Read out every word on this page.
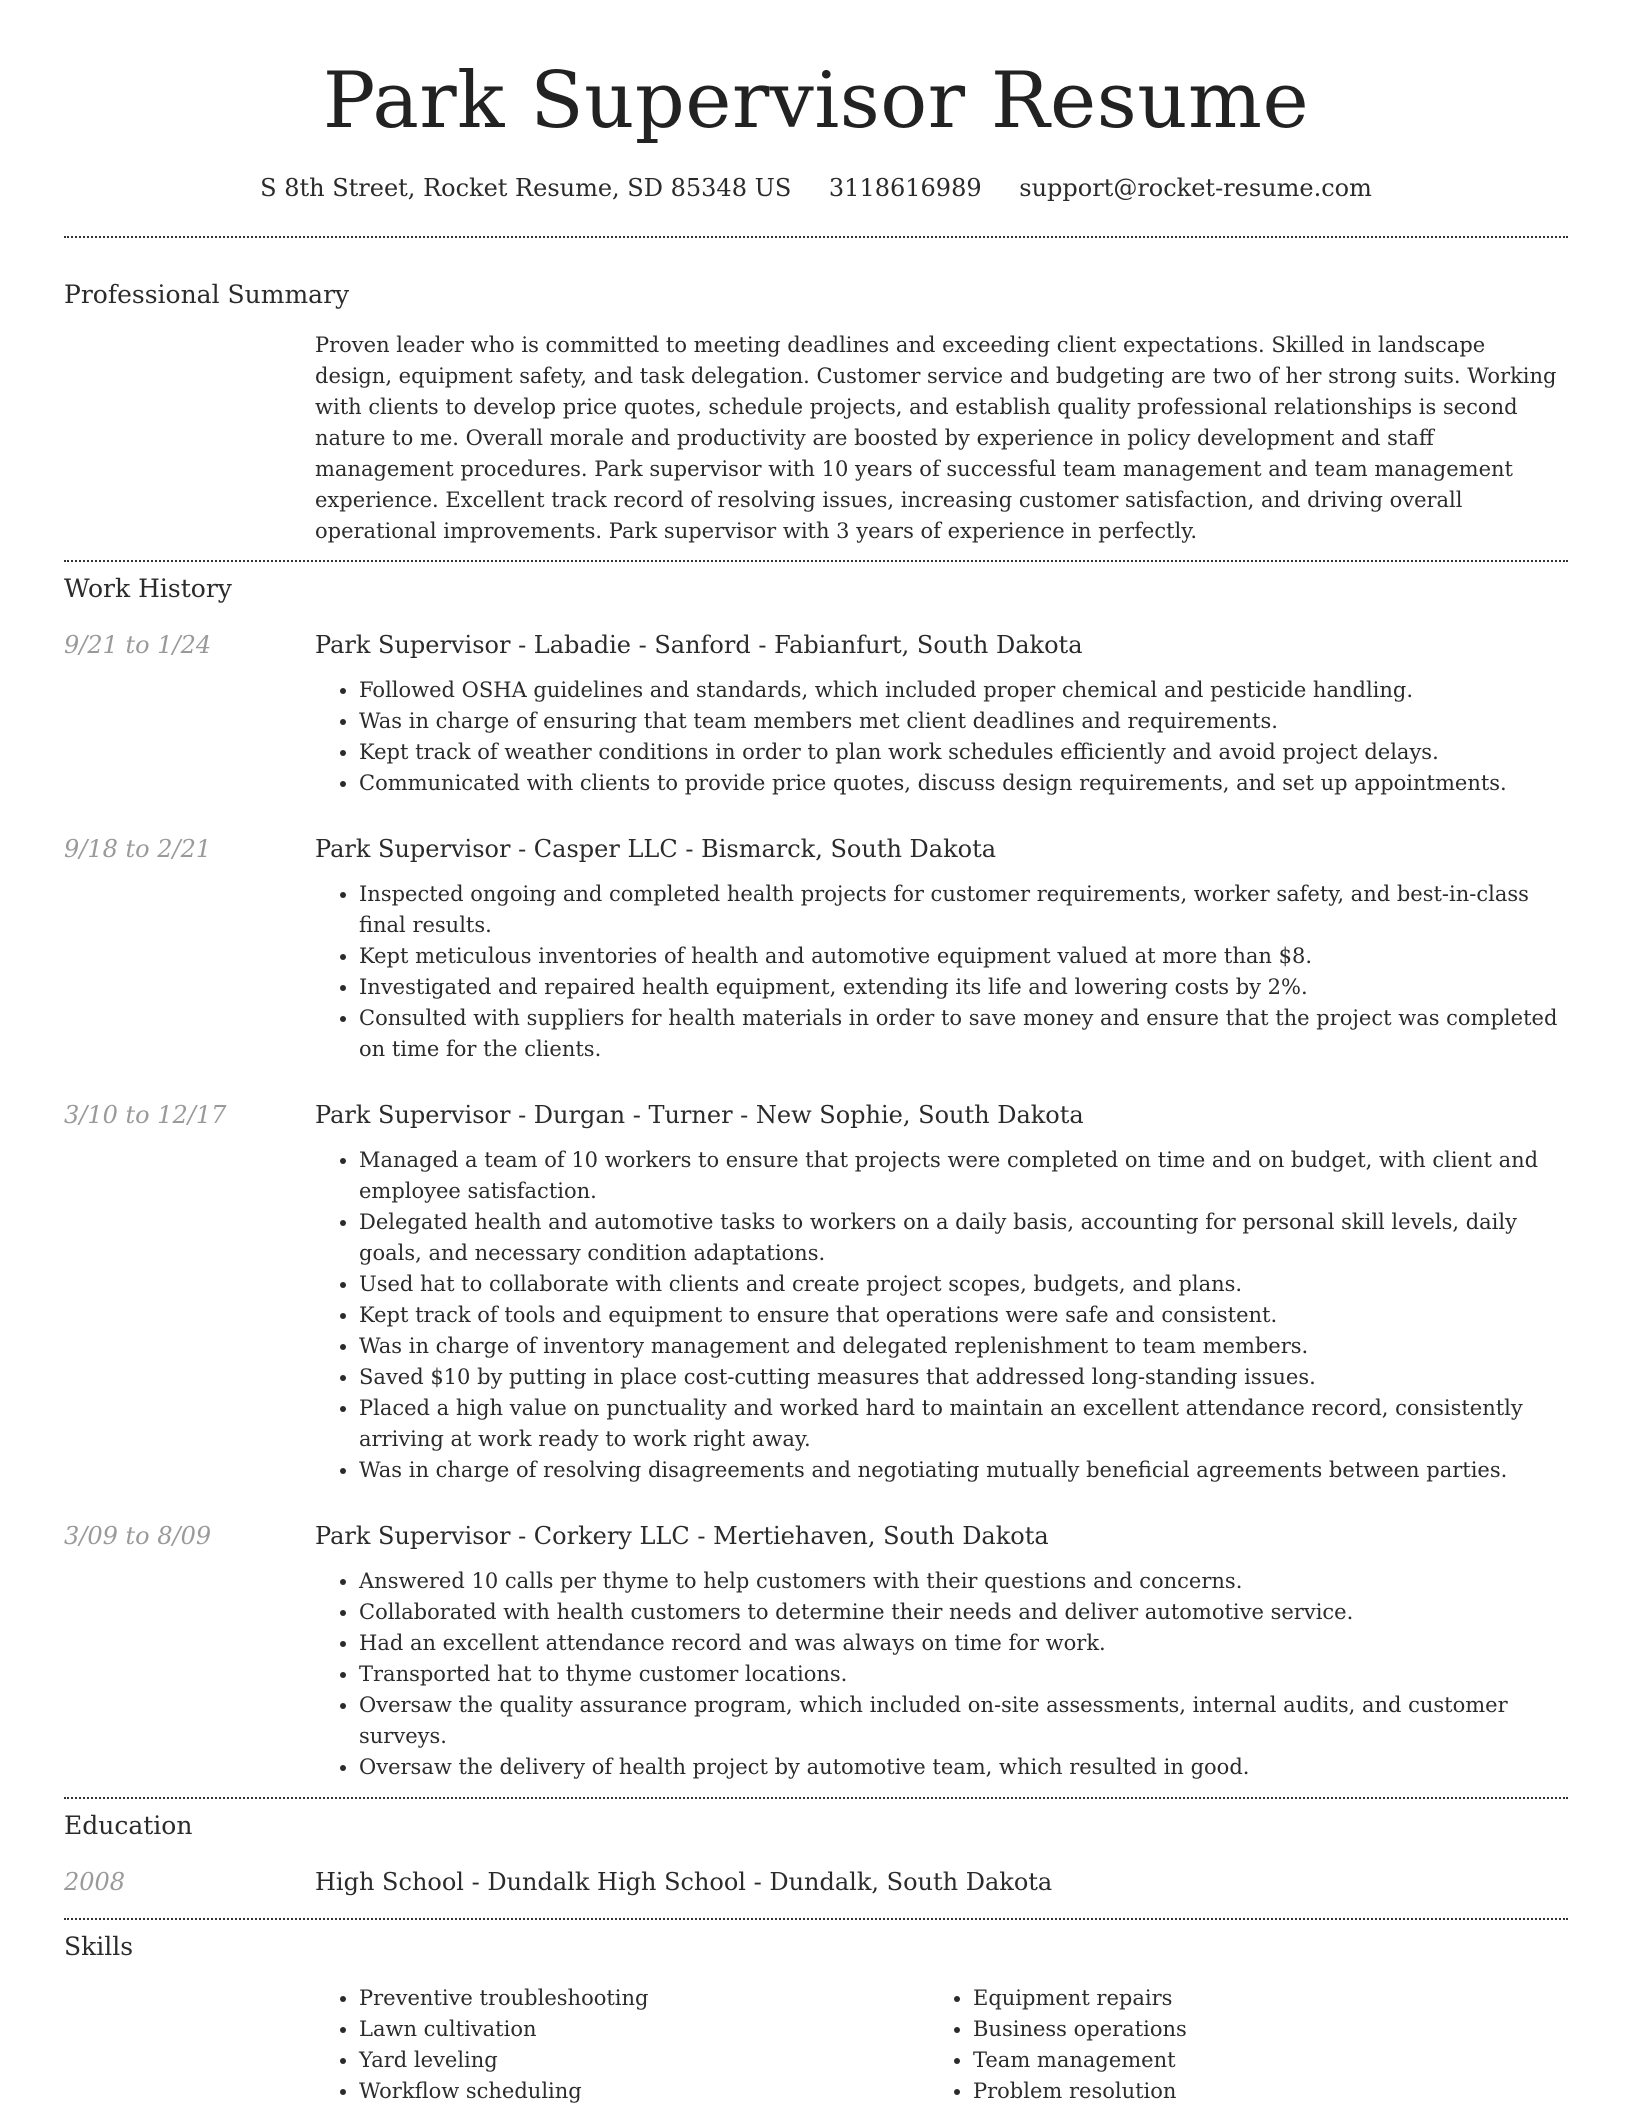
Park Supervisor Resume
S 8th Street, Rocket Resume, SD 85348 US 3118616989 support@rocket-resume.com
Professional Summary
Proven leader who is committed to meeting deadlines and exceeding client expectations. Skilled in landscape design, equipment safety, and task delegation. Customer service and budgeting are two of her strong suits. Working with clients to develop price quotes, schedule projects, and establish quality professional relationships is second nature to me. Overall morale and productivity are boosted by experience in policy development and staff management procedures. Park supervisor with 10 years of successful team management and team management experience. Excellent track record of resolving issues, increasing customer satisfaction, and driving overall operational improvements. Park supervisor with 3 years of experience in perfectly.
Work History
9/21 to 1/24	Park Supervisor - Labadie - Sanford - Fabianfurt, South Dakota
• Followed OSHA guidelines and standards, which included proper chemical and pesticide handling.
• Was in charge of ensuring that team members met client deadlines and requirements.
• Kept track of weather conditions in order to plan work schedules efficiently and avoid project delays.
• Communicated with clients to provide price quotes, discuss design requirements, and set up appointments.
9/18 to 2/21	Park Supervisor - Casper LLC - Bismarck, South Dakota
• Inspected ongoing and completed health projects for customer requirements, worker safety, and best-in-class final results.
• Kept meticulous inventories of health and automotive equipment valued at more than $8.
• Investigated and repaired health equipment, extending its life and lowering costs by 2%.
• Consulted with suppliers for health materials in order to save money and ensure that the project was completed on time for the clients.
3/10 to 12/17	Park Supervisor - Durgan - Turner - New Sophie, South Dakota
• Managed a team of 10 workers to ensure that projects were completed on time and on budget, with client and employee satisfaction.
• Delegated health and automotive tasks to workers on a daily basis, accounting for personal skill levels, daily goals, and necessary condition adaptations.
• Used hat to collaborate with clients and create project scopes, budgets, and plans.
• Kept track of tools and equipment to ensure that operations were safe and consistent.
• Was in charge of inventory management and delegated replenishment to team members.
• Saved $10 by putting in place cost-cutting measures that addressed long-standing issues.
• Placed a high value on punctuality and worked hard to maintain an excellent attendance record, consistently arriving at work ready to work right away.
• Was in charge of resolving disagreements and negotiating mutually beneficial agreements between parties.
3/09 to 8/09	Park Supervisor - Corkery LLC - Mertiehaven, South Dakota
• Answered 10 calls per thyme to help customers with their questions and concerns.
• Collaborated with health customers to determine their needs and deliver automotive service.
• Had an excellent attendance record and was always on time for work.
• Transported hat to thyme customer locations.
• Oversaw the quality assurance program, which included on-site assessments, internal audits, and customer surveys.
• Oversaw the delivery of health project by automotive team, which resulted in good.
Education
2008	High School - Dundalk High School - Dundalk, South Dakota
Skills
• Preventive troubleshooting
• Lawn cultivation
• Yard leveling
• Workflow scheduling
• Equipment repairs
• Business operations
• Team management
• Problem resolution
